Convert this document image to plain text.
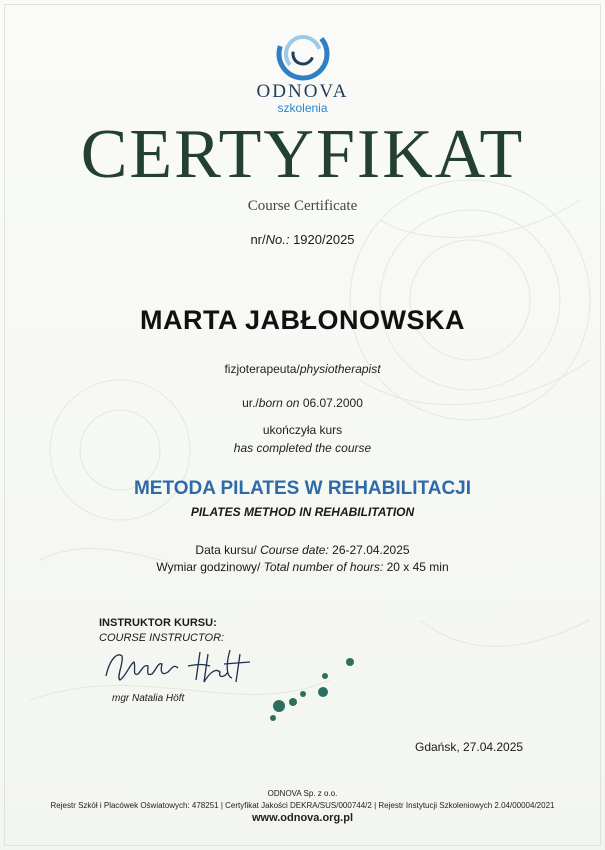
ODNOVA
szkolenia
CERTYFIKAT
Course Certificate
nr/No.: 1920/2025
MARTA JABŁONOWSKA
fizjoterapeuta/physiotherapist
ur./born on 06.07.2000
ukończyła kurs
has completed the course
METODA PILATES W REHABILITACJI
PILATES METHOD IN REHABILITATION
Data kursu/ Course date: 26-27.04.2025
Wymiar godzinowy/ Total number of hours: 20 x 45 min
INSTRUKTOR KURSU:
COURSE INSTRUCTOR:
mgr Natalia Höft
Gdańsk, 27.04.2025
ODNOVA Sp. z o.o.
Rejestr Szkół i Placówek Oświatowych: 478251 | Certyfikat Jakości DEKRA/SUS/000744/2 | Rejestr Instytucji Szkoleniowych 2.04/00004/2021
www.odnova.org.pl
